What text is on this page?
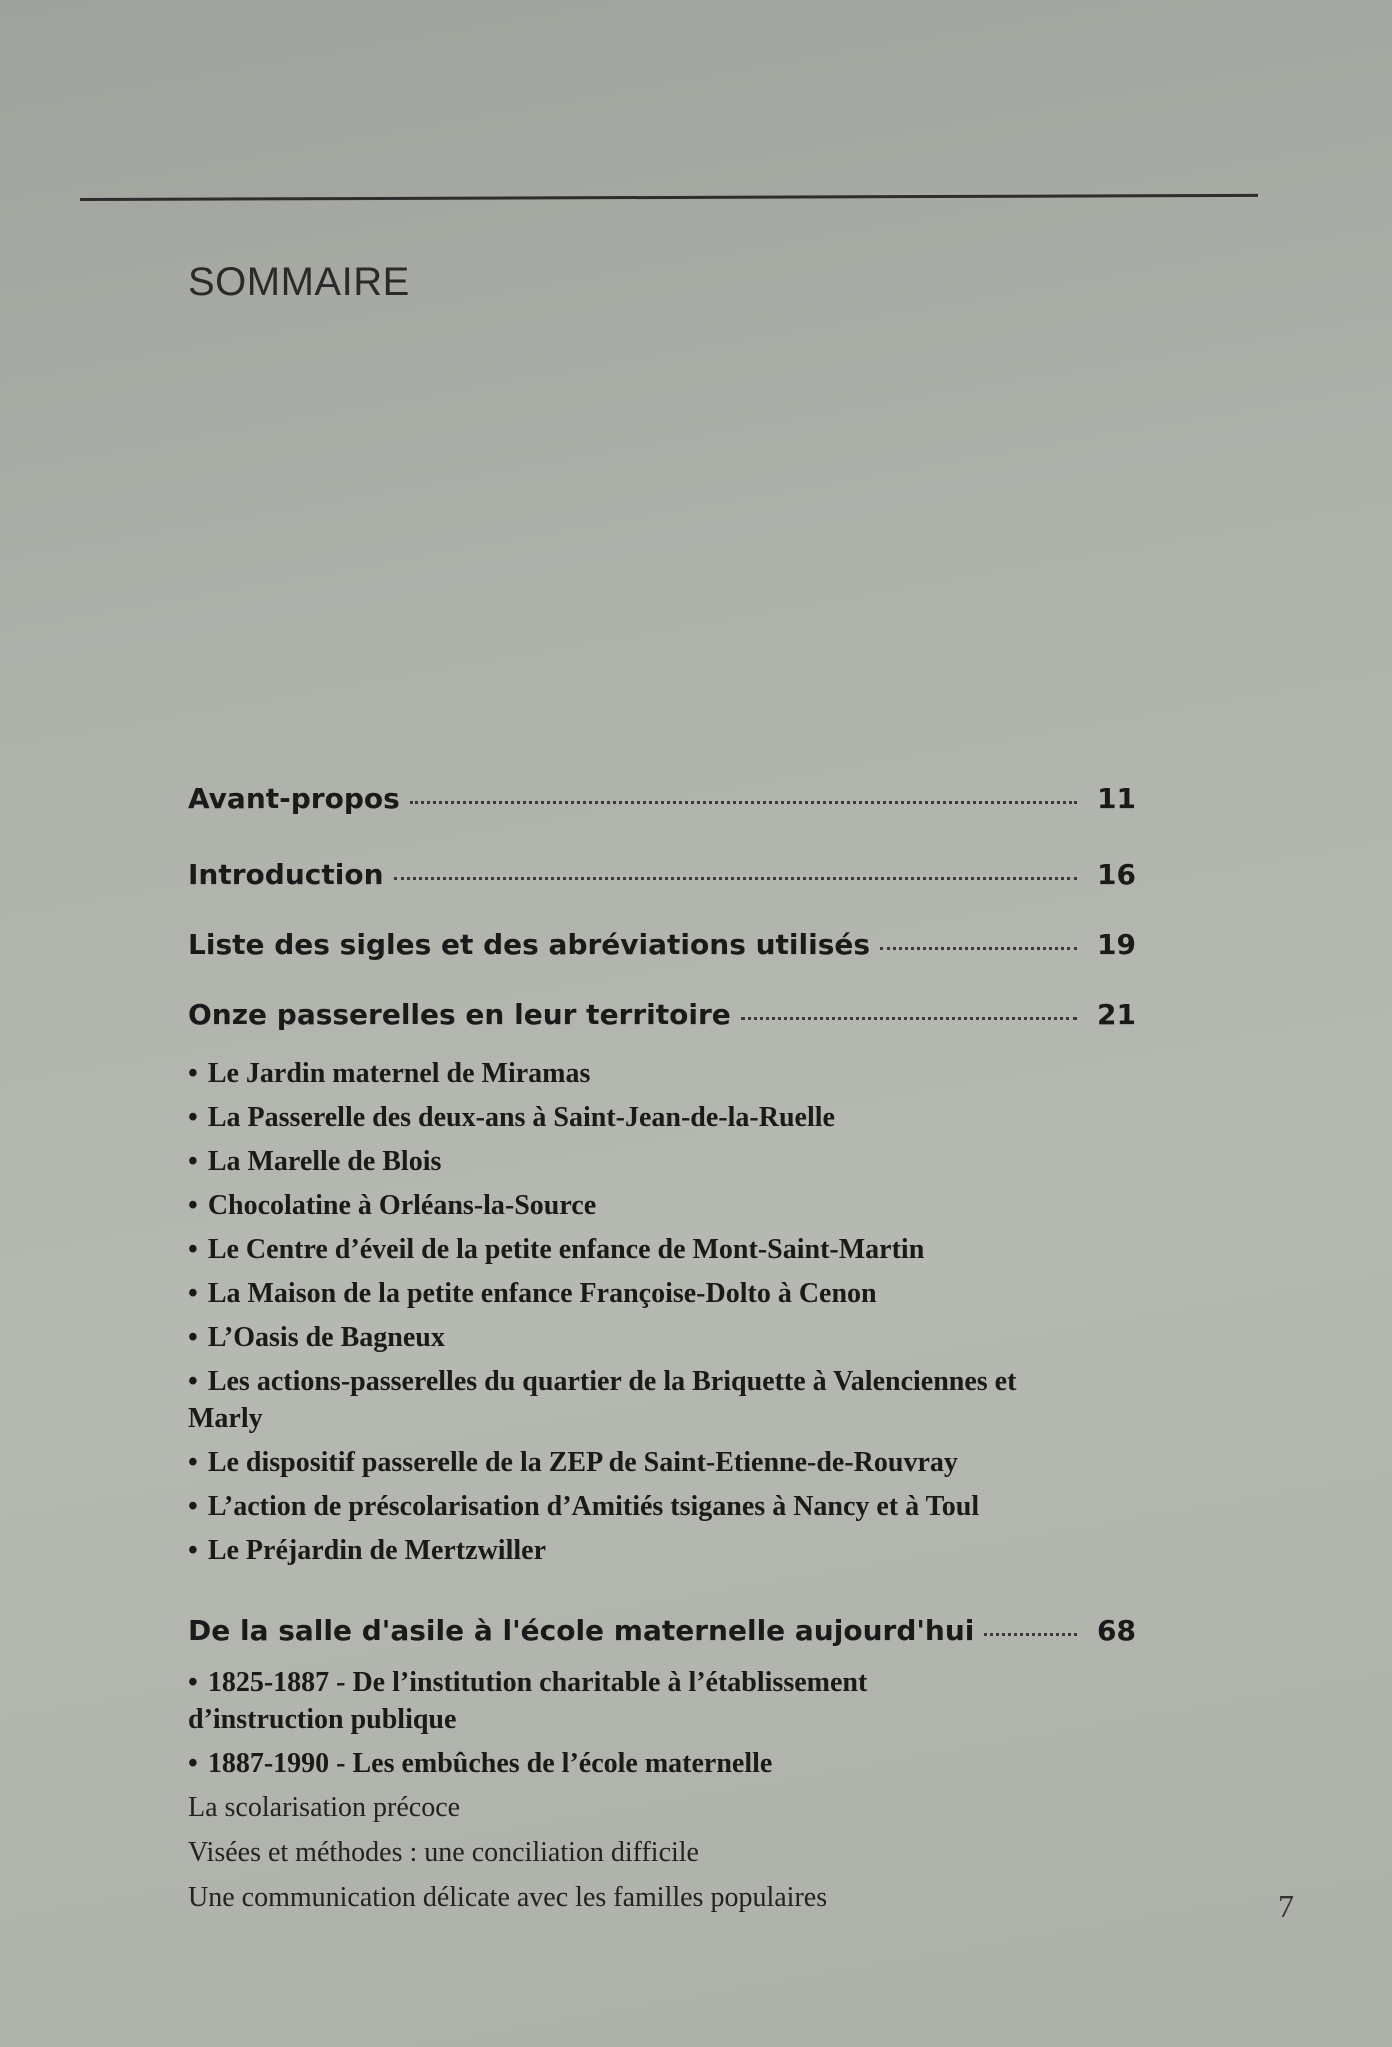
SOMMAIRE
Avant-propos	11
Introduction	16
Liste des sigles et des abréviations utilisés	19
Onze passerelles en leur territoire	21
• Le Jardin maternel de Miramas
• La Passerelle des deux-ans à Saint-Jean-de-la-Ruelle
• La Marelle de Blois
• Chocolatine à Orléans-la-Source
• Le Centre d’éveil de la petite enfance de Mont-Saint-Martin
• La Maison de la petite enfance Françoise-Dolto à Cenon
• L’Oasis de Bagneux
• Les actions-passerelles du quartier de la Briquette à Valenciennes et Marly
• Le dispositif passerelle de la ZEP de Saint-Etienne-de-Rouvray
• L’action de préscolarisation d’Amitiés tsiganes à Nancy et à Toul
• Le Préjardin de Mertzwiller
De la salle d'asile à l'école maternelle aujourd'hui	68
• 1825-1887 - De l’institution charitable à l’établissement d’instruction publique
• 1887-1990 - Les embûches de l’école maternelle
La scolarisation précoce
Visées et méthodes : une conciliation difficile
Une communication délicate avec les familles populaires	7
